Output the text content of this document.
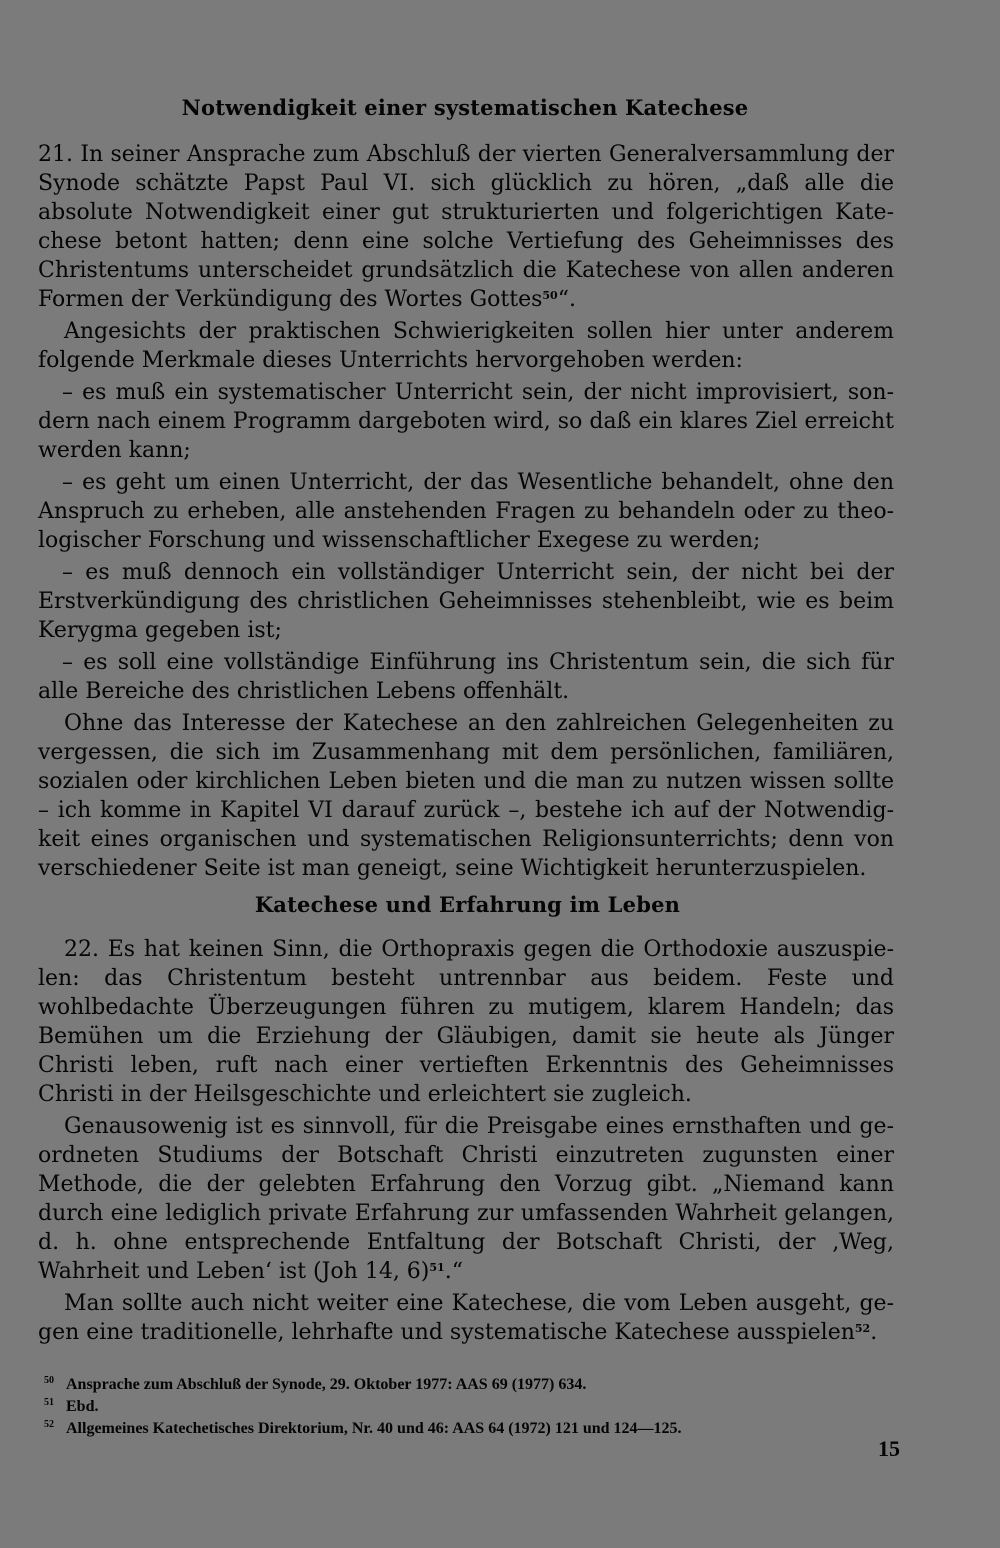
Notwendigkeit einer systematischen Katechese

21. In seiner Ansprache zum Abschluß der vierten Generalversammlung der Synode schätzte Papst Paul VI. sich glücklich zu hören, „daß alle die absolute Notwendigkeit einer gut strukturierten und folgerichtigen Katechese betont hatten; denn eine solche Vertiefung des Geheimnisses des Christentums unterscheidet grundsätzlich die Katechese von allen anderen Formen der Verkündigung des Wortes Gottes$^{50}$“.

Angesichts der praktischen Schwierigkeiten sollen hier unter anderem folgende Merkmale dieses Unterrichts hervorgehoben werden:

– es muß ein systematischer Unterricht sein, der nicht improvisiert, sondern nach einem Programm dargeboten wird, so daß ein klares Ziel erreicht werden kann;

– es geht um einen Unterricht, der das Wesentliche behandelt, ohne den Anspruch zu erheben, alle anstehenden Fragen zu behandeln oder zu theologischer Forschung und wissenschaftlicher Exegese zu werden;

– es muß dennoch ein vollständiger Unterricht sein, der nicht bei der Erstverkündigung des christlichen Geheimnisses stehenbleibt, wie es beim Kerygma gegeben ist;

– es soll eine vollständige Einführung ins Christentum sein, die sich für alle Bereiche des christlichen Lebens offenhält.

Ohne das Interesse der Katechese an den zahlreichen Gelegenheiten zu vergessen, die sich im Zusammenhang mit dem persönlichen, familiären, sozialen oder kirchlichen Leben bieten und die man zu nutzen wissen sollte – ich komme in Kapitel VI darauf zurück –, bestehe ich auf der Notwendigkeit eines organischen und systematischen Religionsunterrichts; denn von verschiedener Seite ist man geneigt, seine Wichtigkeit herunterzuspielen.

Katechese und Erfahrung im Leben

22. Es hat keinen Sinn, die Orthopraxis gegen die Orthodoxie auszuspielen: das Christentum besteht untrennbar aus beidem. Feste und wohlbedachte Überzeugungen führen zu mutigem, klarem Handeln; das Bemühen um die Erziehung der Gläubigen, damit sie heute als Jünger Christi leben, ruft nach einer vertieften Erkenntnis des Geheimnisses Christi in der Heilsgeschichte und erleichtert sie zugleich.

Genausowenig ist es sinnvoll, für die Preisgabe eines ernsthaften und geordneten Studiums der Botschaft Christi einzutreten zugunsten einer Methode, die der gelebten Erfahrung den Vorzug gibt. „Niemand kann durch eine lediglich private Erfahrung zur umfassenden Wahrheit gelangen, d. h. ohne entsprechende Entfaltung der Botschaft Christi, der ‚Weg, Wahrheit und Leben‘ ist (Joh 14, 6)$^{51}$.“

Man sollte auch nicht weiter eine Katechese, die vom Leben ausgeht, gegen eine traditionelle, lehrhafte und systematische Katechese ausspielen$^{52}$.

50 Ansprache zum Abschluß der Synode, 29. Oktober 1977: AAS 69 (1977) 634.
51 Ebd.
52 Allgemeines Katechetisches Direktorium, Nr. 40 und 46: AAS 64 (1972) 121 und 124—125.
15
